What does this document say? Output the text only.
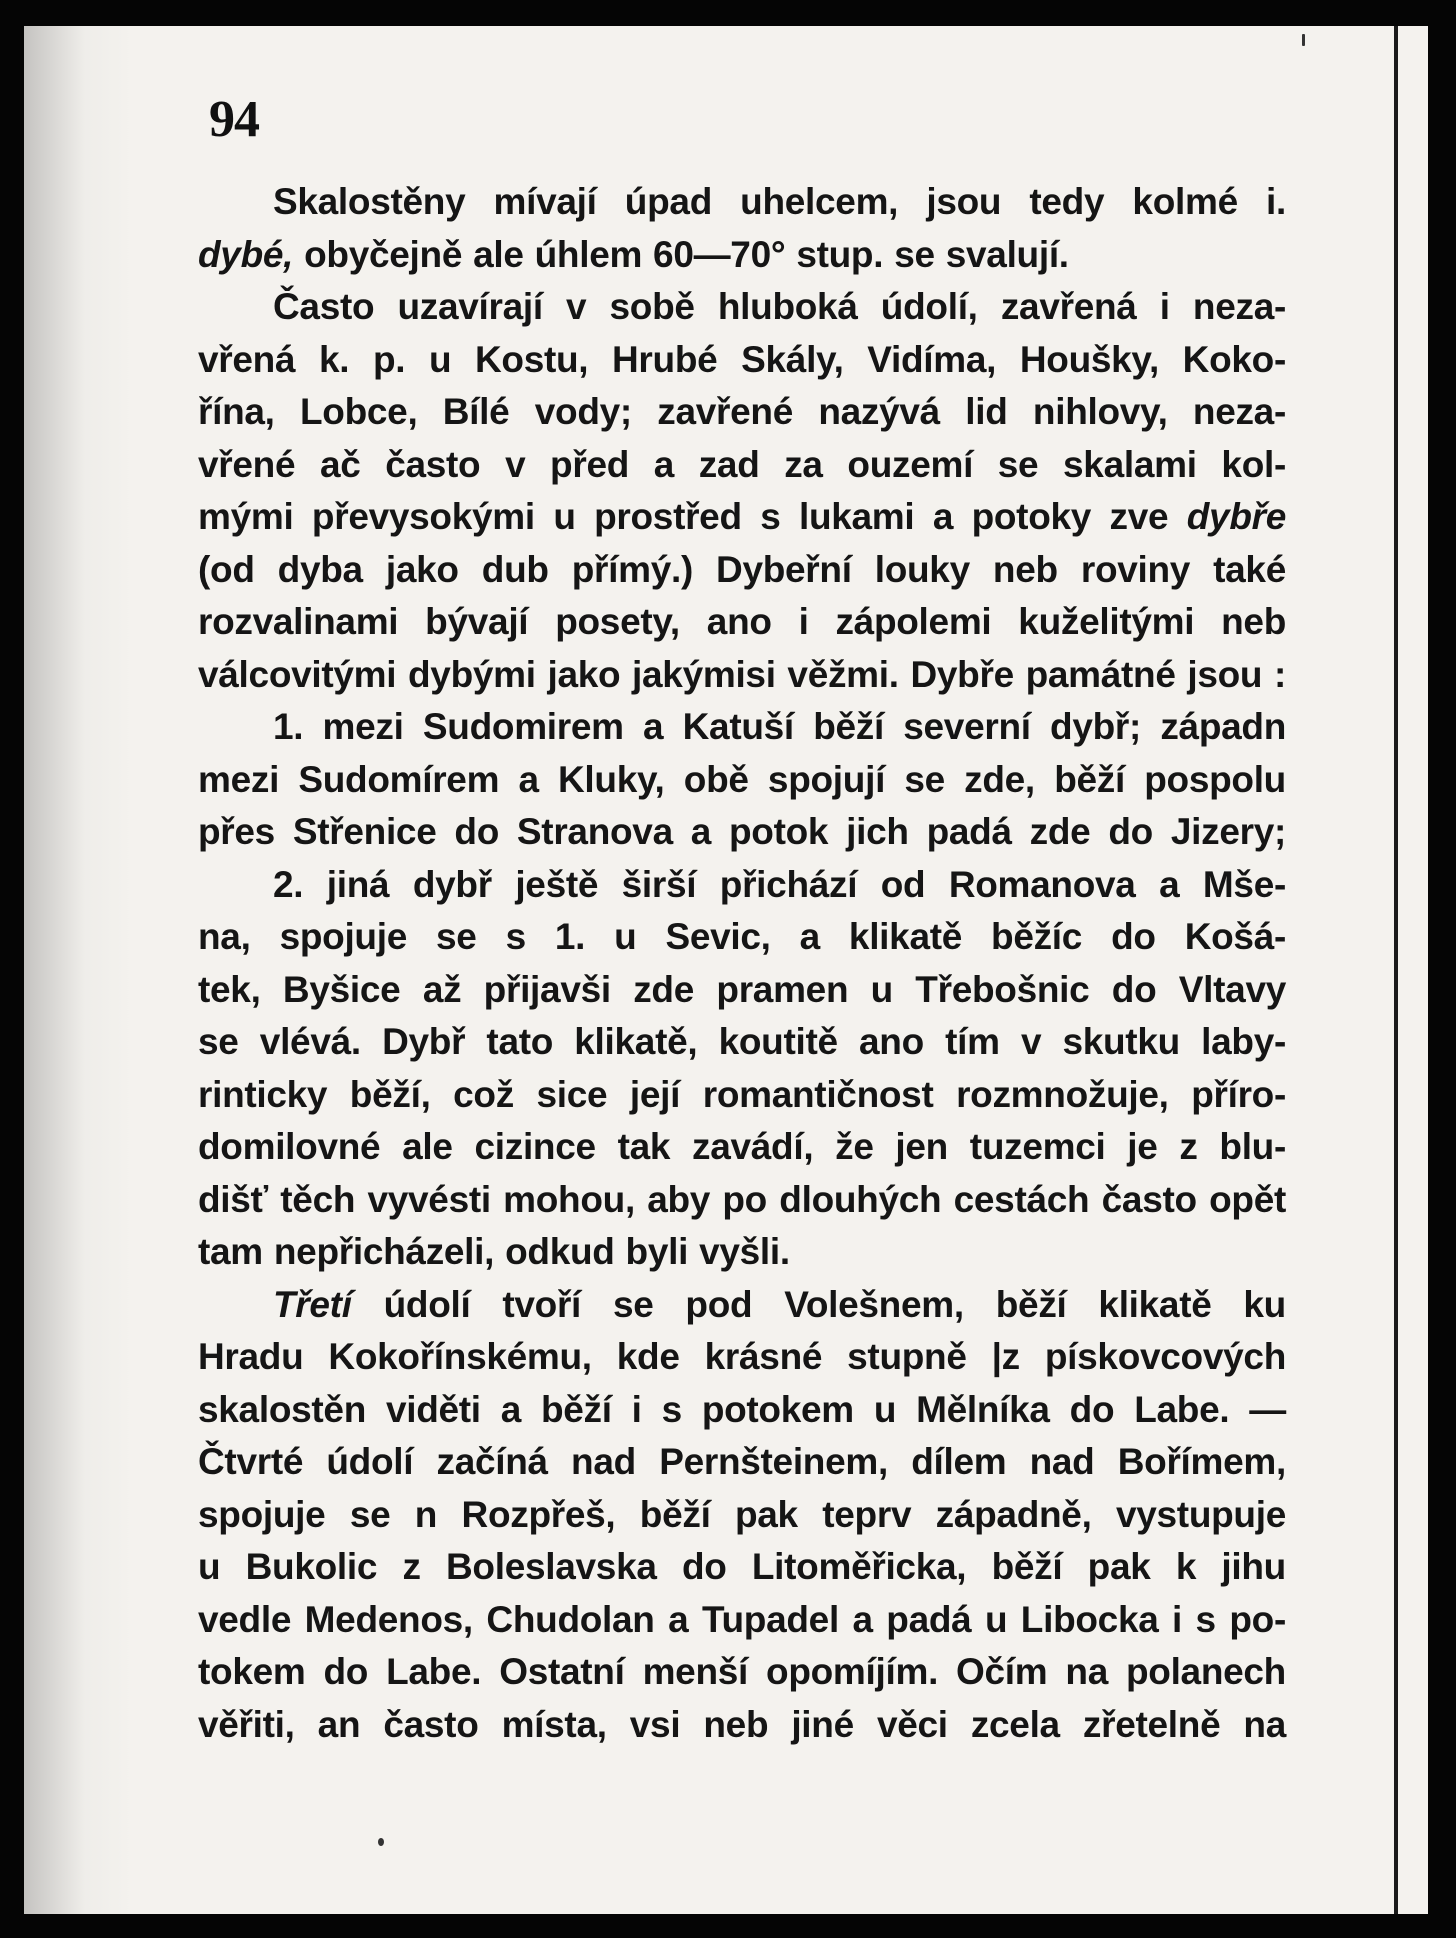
94
Skalostěny mívají úpad uhelcem, jsou tedy kolmé i.
dybé, obyčejně ale úhlem 60—70° stup. se svalují.
Často uzavírají v sobě hluboká údolí, zavřená i neza-
vřená k. p. u Kostu, Hrubé Skály, Vidíma, Houšky, Koko-
řína, Lobce, Bílé vody; zavřené nazývá lid nihlovy, neza-
vřené ač často v před a zad za ouzemí se skalami kol-
mými převysokými u prostřed s lukami a potoky zve dybře
(od dyba jako dub přímý.) Dybeřní louky neb roviny také
rozvalinami bývají posety, ano i zápolemi kuželitými neb
válcovitými dybými jako jakýmisi věžmi. Dybře památné jsou :
1. mezi Sudomirem a Katuší běží severní dybř; západn
mezi Sudomírem a Kluky, obě spojují se zde, běží pospolu
přes Střenice do Stranova a potok jich padá zde do Jizery;
2. jiná dybř ještě širší přichází od Romanova a Mše-
na, spojuje se s 1. u Sevic, a klikatě běžíc do Košá-
tek, Byšice až přijavši zde pramen u Třebošnic do Vltavy
se vlévá. Dybř tato klikatě, koutitě ano tím v skutku laby-
rinticky běží, což sice její romantičnost rozmnožuje, příro-
domilovné ale cizince tak zavádí, že jen tuzemci je z blu-
dišť těch vyvésti mohou, aby po dlouhých cestách často opět
tam nepřicházeli, odkud byli vyšli.
Třetí údolí tvoří se pod Volešnem, běží klikatě ku
Hradu Kokořínskému, kde krásné stupně |z pískovcových
skalostěn viděti a běží i s potokem u Mělníka do Labe. —
Čtvrté údolí začíná nad Pernšteinem, dílem nad Bořímem,
spojuje se n Rozpřeš, běží pak teprv západně, vystupuje
u Bukolic z Boleslavska do Litoměřicka, běží pak k jihu
vedle Medenos, Chudolan a Tupadel a padá u Libocka i s po-
tokem do Labe. Ostatní menší opomíjím. Očím na polanech
věřiti, an často místa, vsi neb jiné věci zcela zřetelně na
